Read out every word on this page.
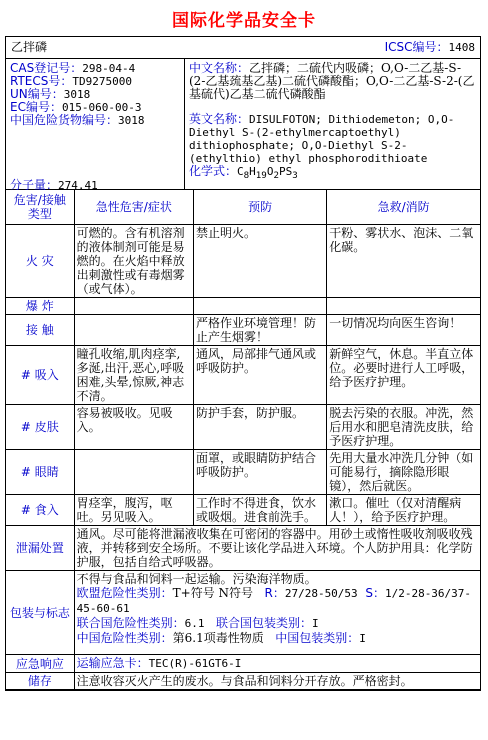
国际化学品安全卡
乙拌磷	ICSC编号：1408
CAS登记号：298-04-4
RTECS号：TD9275000
UN编号：3018
EC编号：015-060-00-3
中国危险货物编号：3018
分子量：274.41
中文名称：乙拌磷；二硫代内吸磷；O,O-二乙基-S-(2-乙基巯基乙基)二硫代磷酸酯；O,O-二乙基-S-2-(乙基硫代)乙基二硫代磷酸酯
英文名称：DISULFOTON; Dithiodemeton; O,O-Diethyl S-(2-ethylmercaptoethyl) dithiophosphate; O,O-Diethyl S-2-(ethylthio) ethyl phosphorodithioate
化学式：$C_8H_{19}O_2PS_3$
危害/接触类型	急性危害/症状	预防	急救/消防
火 灾	可燃的。含有机溶剂的液体制剂可能是易燃的。在火焰中释放出刺激性或有毒烟雾（或气体）。	禁止明火。	干粉、雾状水、泡沫、二氧化碳。
爆 炸			
接 触		严格作业环境管理！防止产生烟雾！	一切情况均向医生咨询！
# 吸入	瞳孔收缩,肌肉痉挛,多涎,出汗,恶心,呼吸困难,头晕,惊厥,神志不清。	通风，局部排气通风或呼吸防护。	新鲜空气，休息。半直立体位。必要时进行人工呼吸，给予医疗护理。
# 皮肤	容易被吸收。见吸入。	防护手套，防护服。	脱去污染的衣服。冲洗，然后用水和肥皂清洗皮肤，给予医疗护理。
# 眼睛		面罩，或眼睛防护结合呼吸防护。	先用大量水冲洗几分钟（如可能易行，摘除隐形眼镜），然后就医。
# 食入	胃痉挛，腹泻，呕吐。另见吸入。	工作时不得进食，饮水或吸烟。进食前洗手。	漱口。催吐（仅对清醒病人！），给予医疗护理。
泄漏处置	通风。尽可能将泄漏液收集在可密闭的容器中。用砂土或惰性吸收剂吸收残液，并转移到安全场所。不要让该化学品进入环境。个人防护用具：化学防护服，包括自给式呼吸器。		
包装与标志	不得与食品和饲料一起运输。污染海洋物质。
欧盟危险性类别：T+符号 N符号 R：27/28-50/53 S：1/2-28-36/37-45-60-61
联合国危险性类别：6.1 联合国包装类别：I
中国危险性类别：第6.1项毒性物质 中国包装类别：I		

应急响应	运输应急卡：TEC(R)-61GT6-I		
储存	注意收容灭火产生的废水。与食品和饲料分开存放。严格密封。		
